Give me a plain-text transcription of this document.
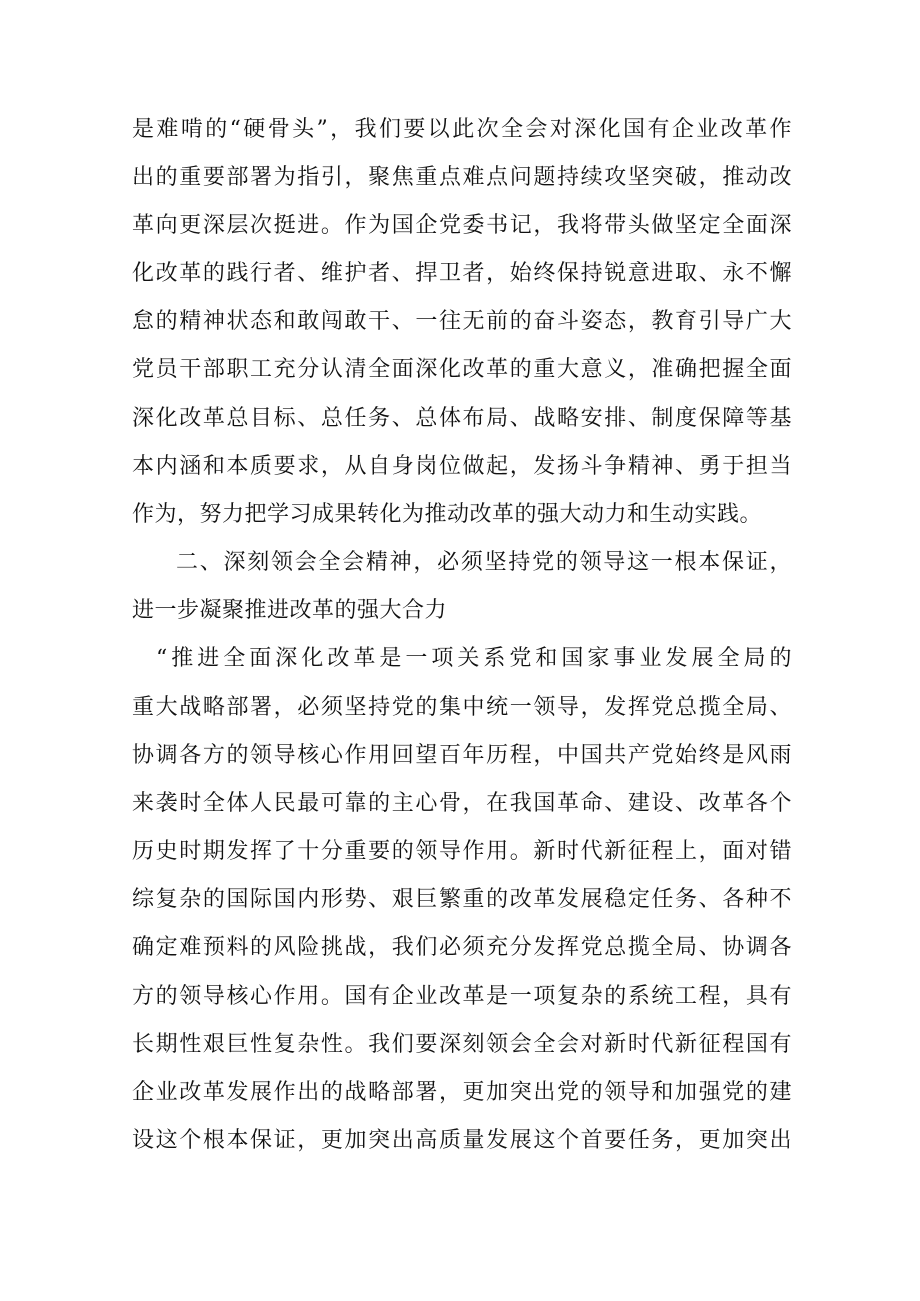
是难啃的“硬骨头”，我们要以此次全会对深化国有企业改革作
出的重要部署为指引，聚焦重点难点问题持续攻坚突破，推动改
革向更深层次挺进。作为国企党委书记，我将带头做坚定全面深
化改革的践行者、维护者、捍卫者，始终保持锐意进取、永不懈
怠的精神状态和敢闯敢干、一往无前的奋斗姿态，教育引导广大
党员干部职工充分认清全面深化改革的重大意义，准确把握全面
深化改革总目标、总任务、总体布局、战略安排、制度保障等基
本内涵和本质要求，从自身岗位做起，发扬斗争精神、勇于担当
作为，努力把学习成果转化为推动改革的强大动力和生动实践。
二、深刻领会全会精神，必须坚持党的领导这一根本保证，
进一步凝聚推进改革的强大合力
“推进全面深化改革是一项关系党和国家事业发展全局的
重大战略部署，必须坚持党的集中统一领导，发挥党总揽全局、
协调各方的领导核心作用回望百年历程，中国共产党始终是风雨
来袭时全体人民最可靠的主心骨，在我国革命、建设、改革各个
历史时期发挥了十分重要的领导作用。新时代新征程上，面对错
综复杂的国际国内形势、艰巨繁重的改革发展稳定任务、各种不
确定难预料的风险挑战，我们必须充分发挥党总揽全局、协调各
方的领导核心作用。国有企业改革是一项复杂的系统工程，具有
长期性艰巨性复杂性。我们要深刻领会全会对新时代新征程国有
企业改革发展作出的战略部署，更加突出党的领导和加强党的建
设这个根本保证，更加突出高质量发展这个首要任务，更加突出
